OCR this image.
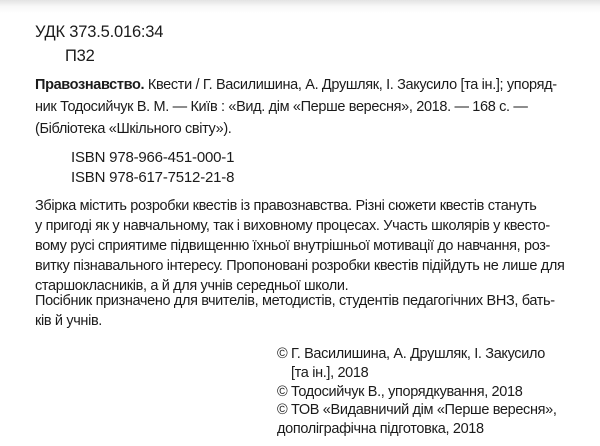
УДК 373.5.016:34
П32
Правознавство. Квести / Г. Василишина, А. Друшляк, І. Закусило [та ін.]; упоряд-
ник Тодосийчук В. М. — Київ : «Вид. дім «Перше вересня», 2018. — 168 с. —
(Бібліотека «Шкільного світу»).
ISBN 978-966-451-000-1
ISBN 978-617-7512-21-8
Збірка містить розробки квестів із правознавства. Різні сюжети квестів стануть
у пригоді як у навчальному, так і виховному процесах. Участь школярів у квесто-
вому русі сприятиме підвищенню їхньої внутрішньої мотивації до навчання, роз-
витку пізнавального інтересу. Пропоновані розробки квестів підійдуть не лише для
старшокласників, а й для учнів середньої школи.
Посібник призначено для вчителів, методистів, студентів педагогічних ВНЗ, бать-
ків й учнів.
© Г. Василишина, А. Друшляк, І. Закусило
[та ін.], 2018
© Тодосийчук В., упорядкування, 2018
© ТОВ «Видавничий дім «Перше вересня»,
дополіграфічна підготовка, 2018
